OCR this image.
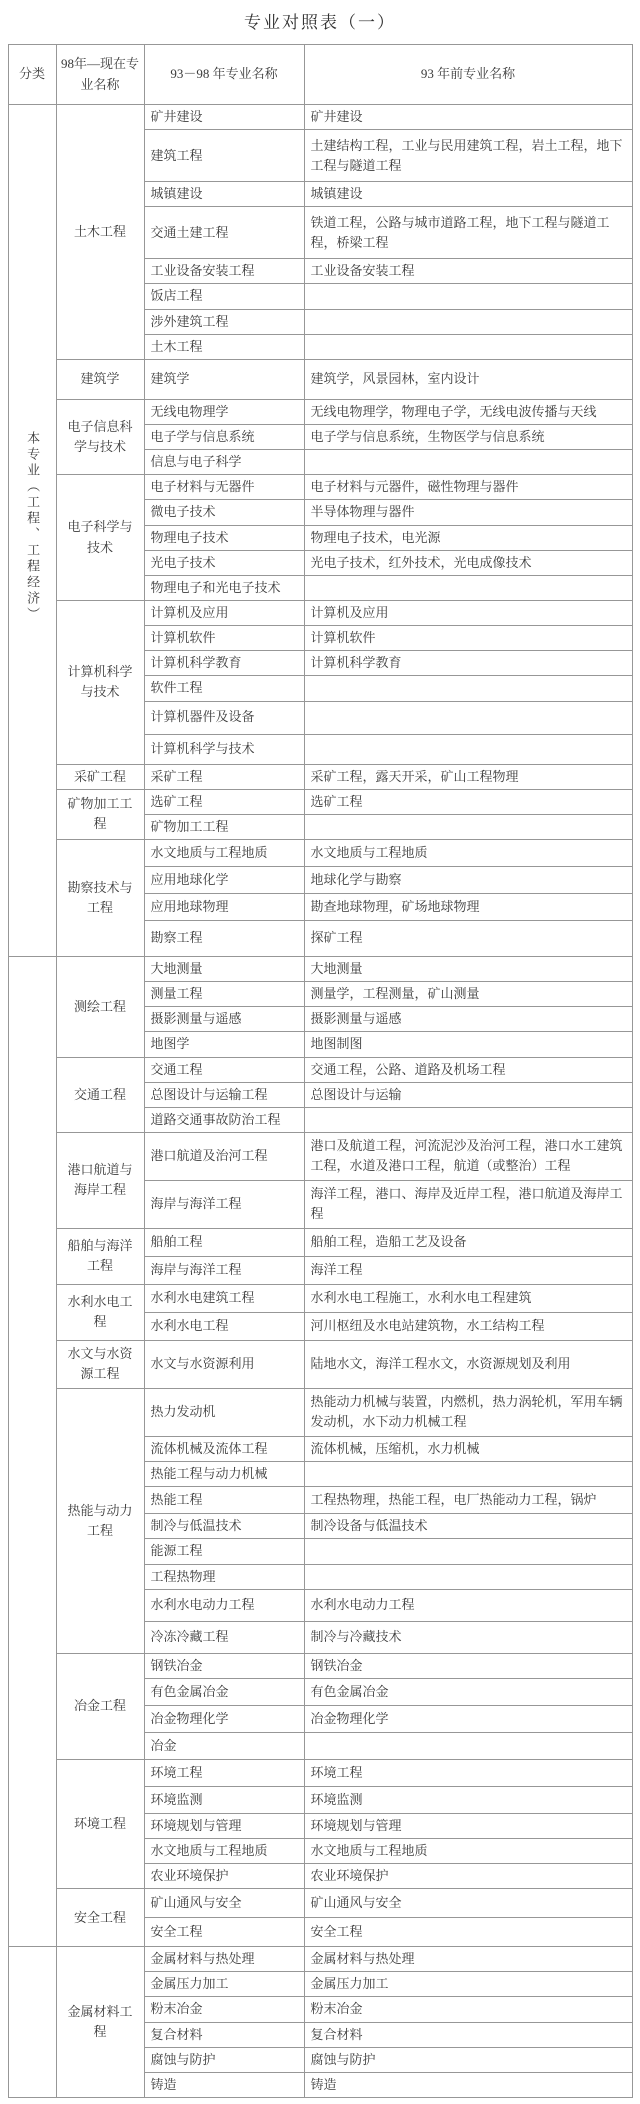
专业对照表（一）
分类	98年—现在专业名称	93－98 年专业名称	93 年前专业名称
本专业（工程、工程经济）	土木工程	矿井建设	矿井建设
		建筑工程	土建结构工程，工业与民用建筑工程，岩土工程，地下工程与隧道工程
		城镇建设	城镇建设
		交通土建工程	铁道工程，公路与城市道路工程，地下工程与隧道工程，桥梁工程
		工业设备安装工程	工业设备安装工程
		饭店工程	
		涉外建筑工程	
		土木工程	
	建筑学	建筑学	建筑学，风景园林，室内设计
	电子信息科学与技术	无线电物理学	无线电物理学，物理电子学，无线电波传播与天线
		电子学与信息系统	电子学与信息系统，生物医学与信息系统
		信息与电子科学	
	电子科学与技术	电子材料与无器件	电子材料与元器件，磁性物理与器件
		微电子技术	半导体物理与器件
		物理电子技术	物理电子技术，电光源
		光电子技术	光电子技术，红外技术，光电成像技术
		物理电子和光电子技术	
	计算机科学与技术	计算机及应用	计算机及应用
		计算机软件	计算机软件
		计算机科学教育	计算机科学教育
		软件工程	
		计算机器件及设备	
		计算机科学与技术	
	采矿工程	采矿工程	采矿工程，露天开采，矿山工程物理
	矿物加工工程	选矿工程	选矿工程
		矿物加工工程	
	勘察技术与工程	水文地质与工程地质	水文地质与工程地质
		应用地球化学	地球化学与勘察
		应用地球物理	勘查地球物理，矿场地球物理
		勘察工程	探矿工程
	测绘工程	大地测量	大地测量
		测量工程	测量学，工程测量，矿山测量
		摄影测量与遥感	摄影测量与遥感
		地图学	地图制图
	交通工程	交通工程	交通工程，公路、道路及机场工程
		总图设计与运输工程	总图设计与运输
		道路交通事故防治工程	
	港口航道与海岸工程	港口航道及治河工程	港口及航道工程，河流泥沙及治河工程，港口水工建筑工程，水道及港口工程，航道（或整治）工程
		海岸与海洋工程	海洋工程，港口、海岸及近岸工程，港口航道及海岸工程
	船舶与海洋工程	船舶工程	船舶工程，造船工艺及设备
		海岸与海洋工程	海洋工程
	水利水电工程	水利水电建筑工程	水利水电工程施工，水利水电工程建筑
		水利水电工程	河川枢纽及水电站建筑物，水工结构工程
	水文与水资源工程	水文与水资源利用	陆地水文，海洋工程水文，水资源规划及利用
	热能与动力工程	热力发动机	热能动力机械与装置，内燃机，热力涡轮机，军用车辆发动机，水下动力机械工程
		流体机械及流体工程	流体机械，压缩机，水力机械
		热能工程与动力机械	
		热能工程	工程热物理，热能工程，电厂热能动力工程，锅炉
		制冷与低温技术	制冷设备与低温技术
		能源工程	
		工程热物理	
		水利水电动力工程	水利水电动力工程
		冷冻冷藏工程	制冷与冷藏技术
	冶金工程	钢铁冶金	钢铁冶金
		有色金属冶金	有色金属冶金
		冶金物理化学	冶金物理化学
		冶金	
	环境工程	环境工程	环境工程
		环境监测	环境监测
		环境规划与管理	环境规划与管理
		水文地质与工程地质	水文地质与工程地质
		农业环境保护	农业环境保护
	安全工程	矿山通风与安全	矿山通风与安全
		安全工程	安全工程
	金属材料工程	金属材料与热处理	金属材料与热处理
		金属压力加工	金属压力加工
		粉末冶金	粉末冶金
		复合材料	复合材料
		腐蚀与防护	腐蚀与防护
		铸造	铸造
